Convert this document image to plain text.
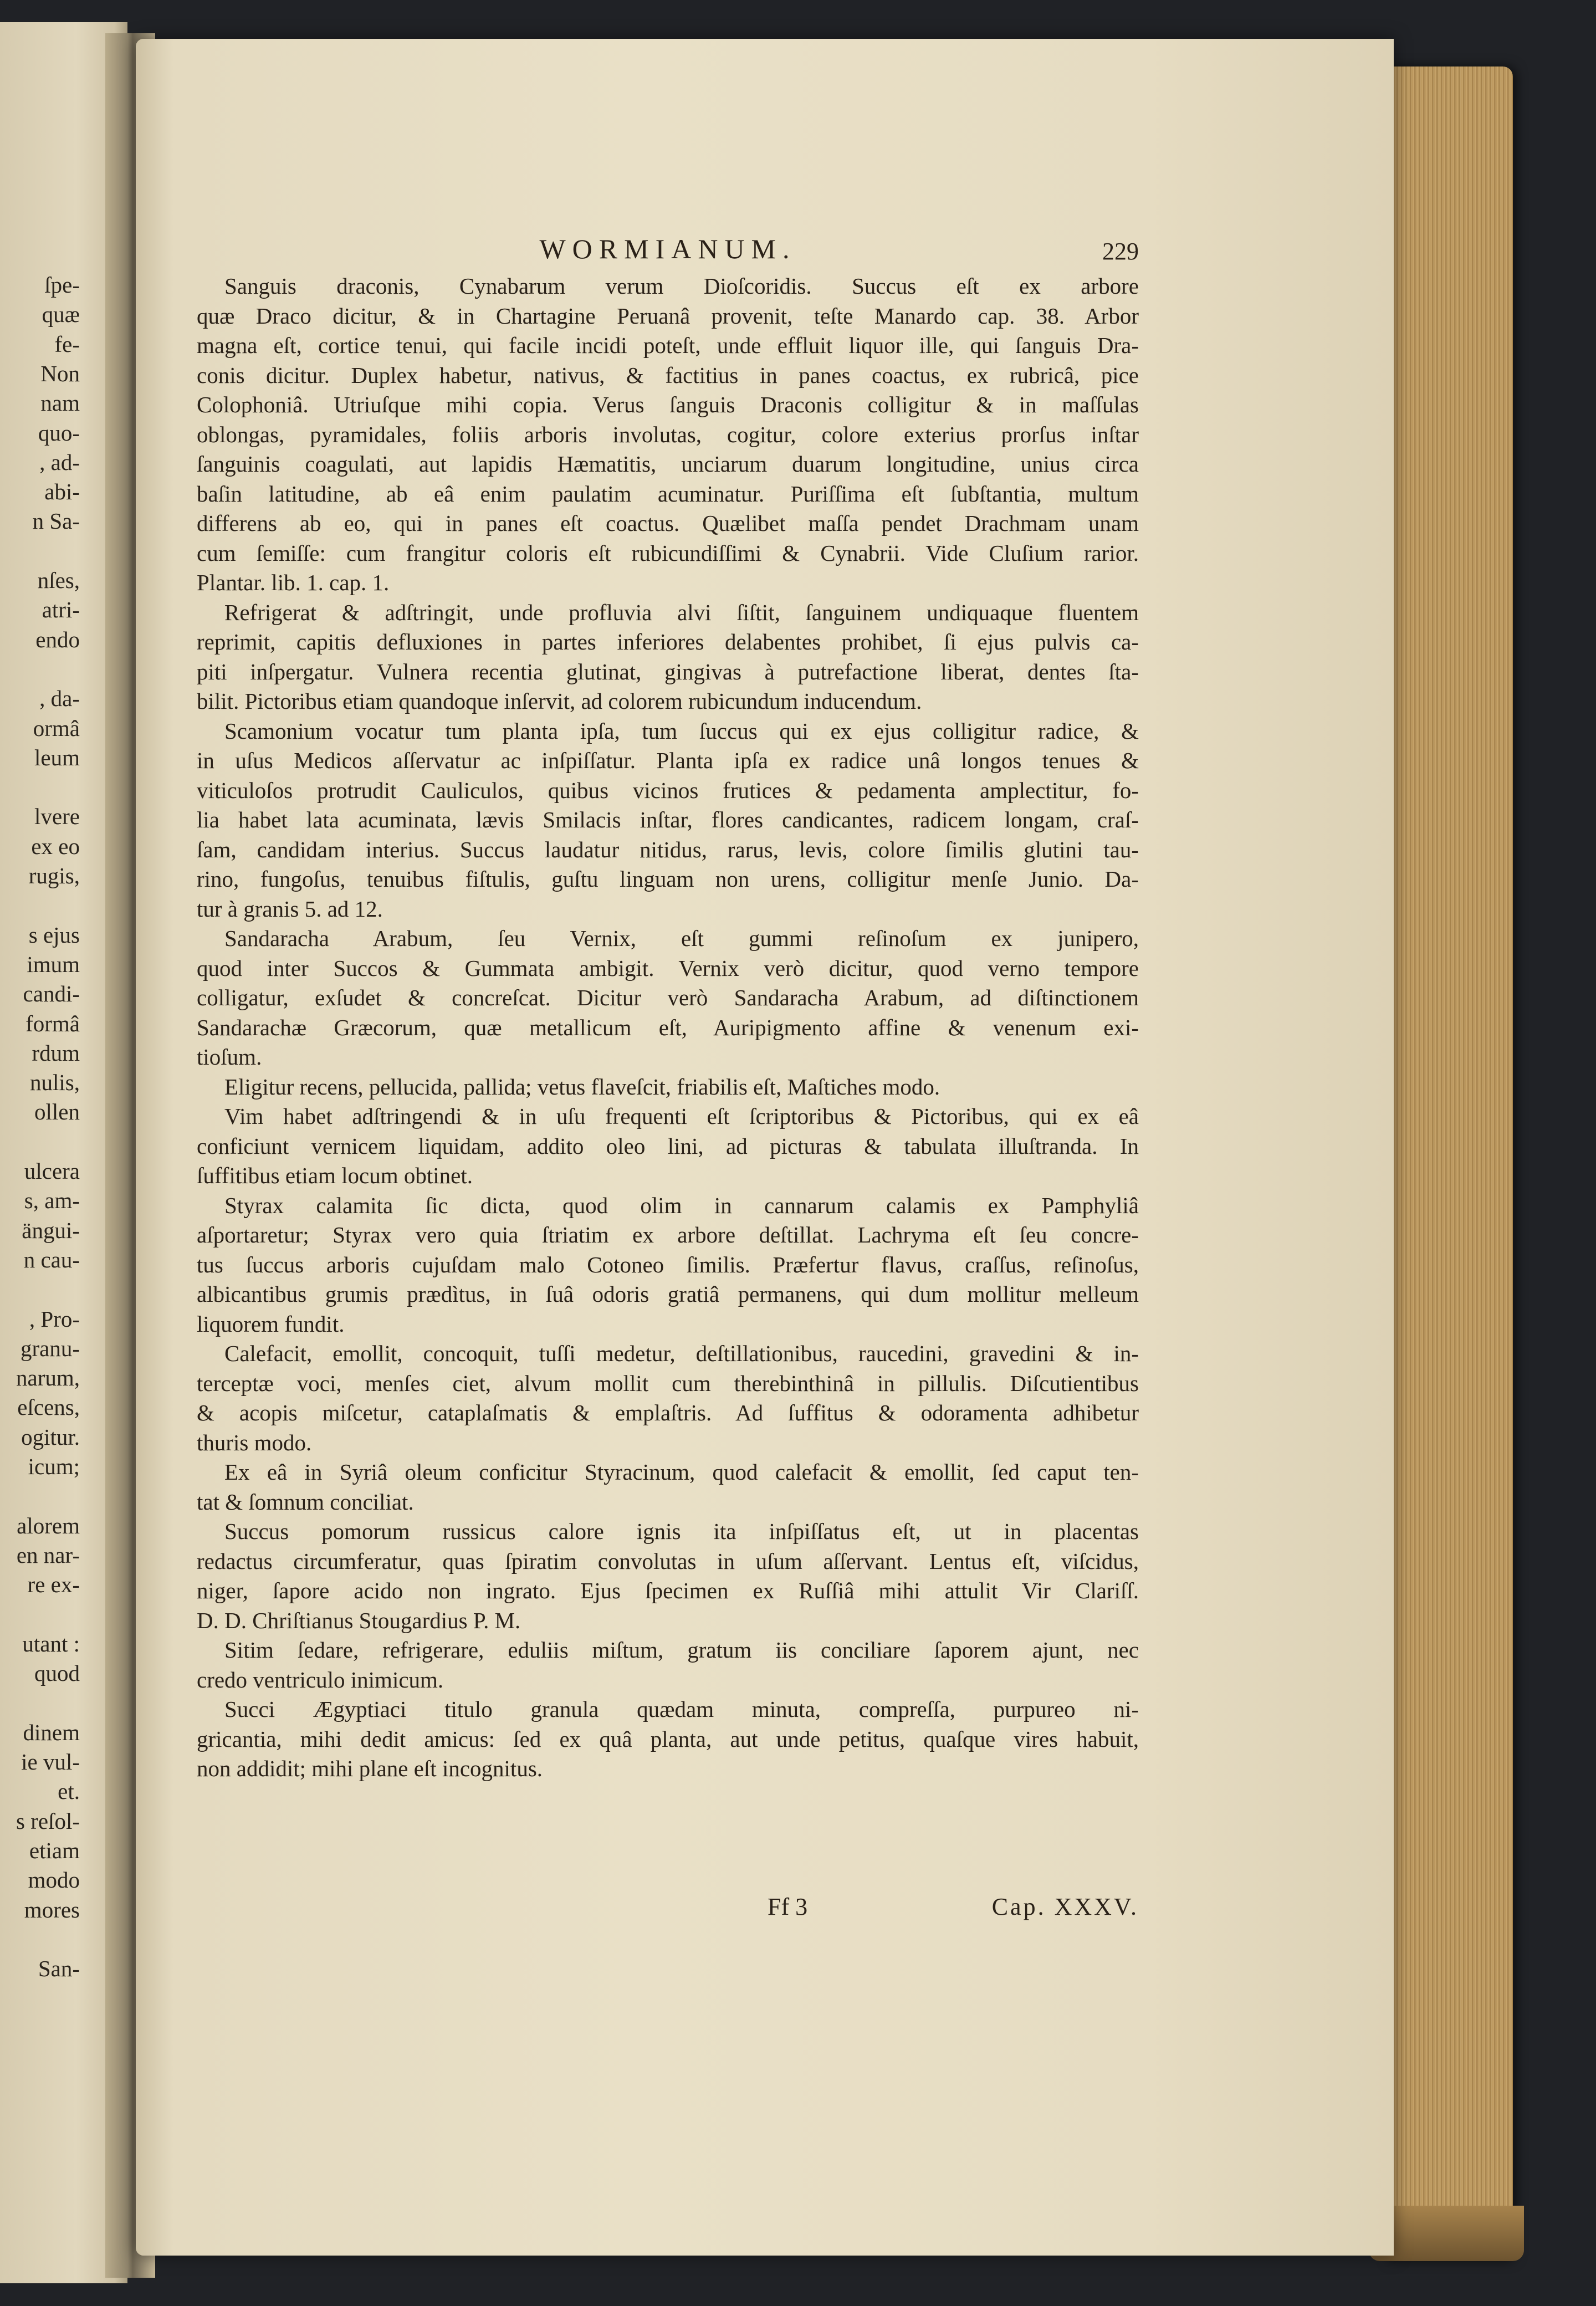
ſpe-
quæ
fe-
Non
nam
quo-
, ad-
abi-
n Sa-
nſes,
atri-
endo
, da-
ormâ
leum
lvere
ex eo
rugis,
s ejus
imum
candi-
formâ
rdum
nulis,
ollen
ulcera
s, am-
ängui-
n cau-
, Pro-
granu-
narum,
eſcens,
ogitur.
icum;
alorem
en nar-
re ex-
utant :
quod
dinem
ie vul-
et.
s reſol-
etiam
modo
mores
San-
WORMIANUM.	229
Sanguis draconis, Cynabarum verum Dioſcoridis. Succus eſt ex arbore
quæ Draco dicitur, & in Chartagine Peruanâ provenit, teſte Manardo cap. 38. Arbor
magna eſt, cortice tenui, qui facile incidi poteſt, unde effluit liquor ille, qui ſanguis Dra-
conis dicitur. Duplex habetur, nativus, & factitius in panes coactus, ex rubricâ, pice
Colophoniâ. Utriuſque mihi copia. Verus ſanguis Draconis colligitur & in maſſulas
oblongas, pyramidales, foliis arboris involutas, cogitur, colore exterius prorſus inſtar
ſanguinis coagulati, aut lapidis Hæmatitis, unciarum duarum longitudine, unius circa
baſin latitudine, ab eâ enim paulatim acuminatur. Puriſſima eſt ſubſtantia, multum
differens ab eo, qui in panes eſt coactus. Quælibet maſſa pendet Drachmam unam
cum ſemiſſe: cum frangitur coloris eſt rubicundiſſimi & Cynabrii. Vide Cluſium rarior.
Plantar. lib. 1. cap. 1.
Refrigerat & adſtringit, unde profluvia alvi ſiſtit, ſanguinem undiquaque fluentem
reprimit, capitis defluxiones in partes inferiores delabentes prohibet, ſi ejus pulvis ca-
piti inſpergatur. Vulnera recentia glutinat, gingivas à putrefactione liberat, dentes ſta-
bilit. Pictoribus etiam quandoque inſervit, ad colorem rubicundum inducendum.
Scamonium vocatur tum planta ipſa, tum ſuccus qui ex ejus colligitur radice, &
in uſus Medicos aſſervatur ac inſpiſſatur. Planta ipſa ex radice unâ longos tenues &
viticuloſos protrudit Cauliculos, quibus vicinos frutices & pedamenta amplectitur, fo-
lia habet lata acuminata, lævis Smilacis inſtar, flores candicantes, radicem longam, craſ-
ſam, candidam interius. Succus laudatur nitidus, rarus, levis, colore ſimilis glutini tau-
rino, fungoſus, tenuibus fiſtulis, guſtu linguam non urens, colligitur menſe Junio. Da-
tur à granis 5. ad 12.
Sandaracha Arabum, ſeu Vernix, eſt gummi reſinoſum ex junipero,
quod inter Succos & Gummata ambigit. Vernix verò dicitur, quod verno tempore
colligatur, exſudet & concreſcat. Dicitur verò Sandaracha Arabum, ad diſtinctionem
Sandarachæ Græcorum, quæ metallicum eſt, Auripigmento affine & venenum exi-
tioſum.
Eligitur recens, pellucida, pallida; vetus flaveſcit, friabilis eſt, Maſtiches modo.
Vim habet adſtringendi & in uſu frequenti eſt ſcriptoribus & Pictoribus, qui ex eâ
conficiunt vernicem liquidam, addito oleo lini, ad picturas & tabulata illuſtranda. In
ſuffitibus etiam locum obtinet.
Styrax calamita ſic dicta, quod olim in cannarum calamis ex Pamphyliâ
aſportaretur; Styrax vero quia ſtriatim ex arbore deſtillat. Lachryma eſt ſeu concre-
tus ſuccus arboris cujuſdam malo Cotoneo ſimilis. Præfertur flavus, craſſus, reſinoſus,
albicantibus grumis prædìtus, in ſuâ odoris gratiâ permanens, qui dum mollitur melleum
liquorem fundit.
Calefacit, emollit, concoquit, tuſſi medetur, deſtillationibus, raucedini, gravedini & in-
terceptæ voci, menſes ciet, alvum mollit cum therebinthinâ in pillulis. Diſcutientibus
& acopis miſcetur, cataplaſmatis & emplaſtris. Ad ſuffitus & odoramenta adhibetur
thuris modo.
Ex eâ in Syriâ oleum conficitur Styracinum, quod calefacit & emollit, ſed caput ten-
tat & ſomnum conciliat.
Succus pomorum russicus calore ignis ita inſpiſſatus eſt, ut in placentas
redactus circumferatur, quas ſpiratim convolutas in uſum aſſervant. Lentus eſt, viſcidus,
niger, ſapore acido non ingrato. Ejus ſpecimen ex Ruſſiâ mihi attulit Vir Clariſſ.
D. D. Chriſtianus Stougardius P. M.
Sitim ſedare, refrigerare, eduliis miſtum, gratum iis conciliare ſaporem ajunt, nec
credo ventriculo inimicum.
Succi Ægyptiaci titulo granula quædam minuta, compreſſa, purpureo ni-
gricantia, mihi dedit amicus: ſed ex quâ planta, aut unde petitus, quaſque vires habuit,
non addidit; mihi plane eſt incognitus.
Ff 3	Cap. XXXV.
